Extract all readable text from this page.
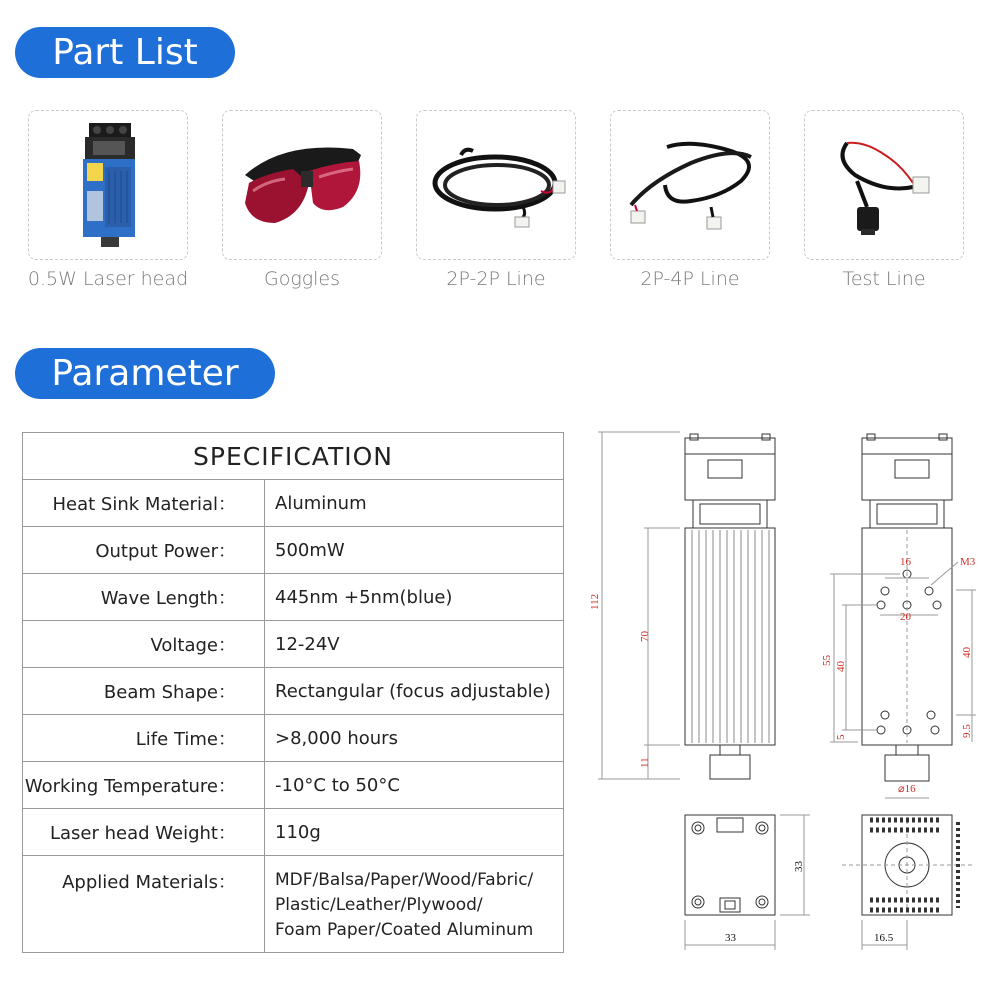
Part List
Parameter
0.5W Laser head	Goggles	2P-2P Line	2P-4P Line	Test Line
SPECIFICATION	
Heat Sink Material：	Aluminum
Output Power：	500mW
Wave Length：	445nm +5nm(blue)
Voltage：	12-24V
Beam Shape：	Rectangular (focus adjustable)
Life Time：	>8,000 hours
Working Temperature：	-10°C to 50°C
Laser head Weight：	110g
Applied Materials：	MDF/Balsa/Paper/Wood/Fabric/
Plastic/Leather/Plywood/
Foam Paper/Coated Aluminum
112
70
11
16	M3
20
55
40
40
5	9.5
⌀16
33
33
16.5
